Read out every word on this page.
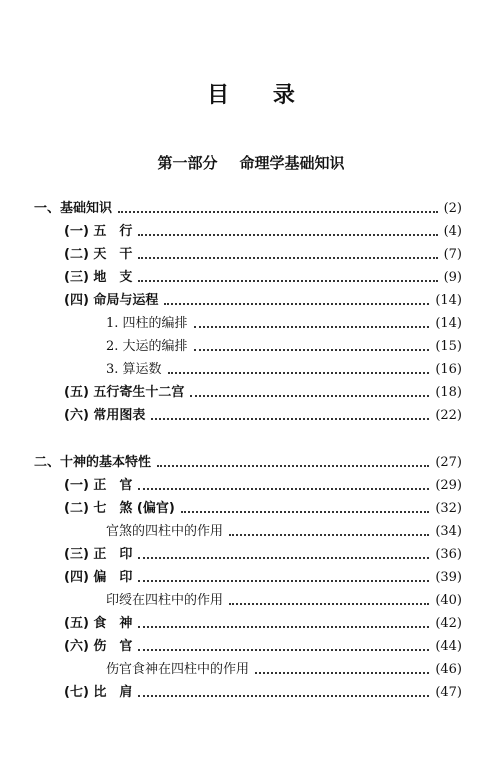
目 录
第一部分 命理学基础知识
一、基础知识	(2)
(一) 五　行	(4)
(二) 天　干	(7)
(三) 地　支	(9)
(四) 命局与运程	(14)
1. 四柱的编排	(14)
2. 大运的编排	(15)
3. 算运数	(16)
(五) 五行寄生十二宫	(18)
(六) 常用图表	(22)
二、十神的基本特性	(27)
(一) 正　官	(29)
(二) 七　煞 (偏官)	(32)
官煞的四柱中的作用	(34)
(三) 正　印	(36)
(四) 偏　印	(39)
印绶在四柱中的作用	(40)
(五) 食　神	(42)
(六) 伤　官	(44)
伤官食神在四柱中的作用	(46)
(七) 比　肩	(47)
